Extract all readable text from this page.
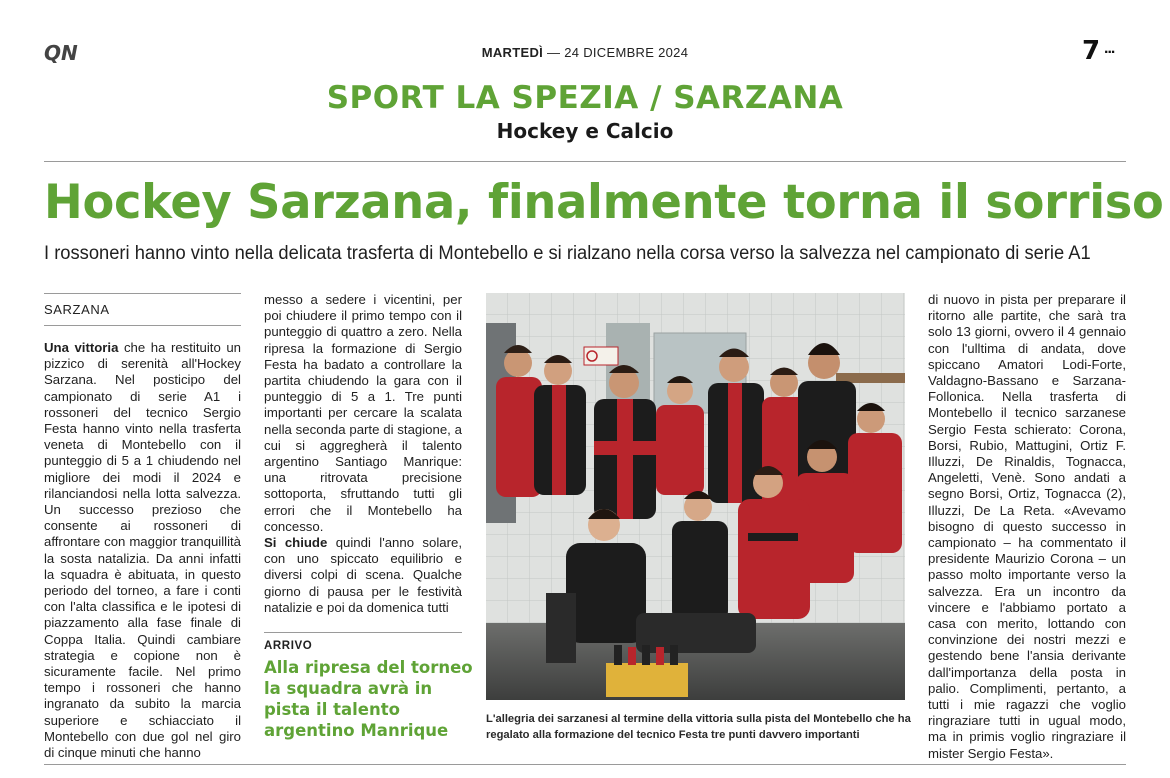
QN	MARTEDÌ — 24 DICEMBRE 2024	7 ...
SPORT LA SPEZIA / SARZANA
Hockey e Calcio
Hockey Sarzana, finalmente torna il sorriso
I rossoneri hanno vinto nella delicata trasferta di Montebello e si rialzano nella corsa verso la salvezza nel campionato di serie A1
SARZANA

Una vittoria che ha restituito un pizzico di serenità all'Hockey Sarzana. Nel posticipo del campionato di serie A1 i rossoneri del tecnico Sergio Festa hanno vinto nella trasferta veneta di Montebello con il punteggio di 5 a 1 chiudendo nel migliore dei modi il 2024 e rilanciandosi nella lotta salvezza. Un successo prezioso che consente ai rossoneri di affrontare con maggior tranquillità la sosta natalizia. Da anni infatti la squadra è abituata, in questo periodo del torneo, a fare i conti con l'alta classifica e le ipotesi di piazzamento alla fase finale di Coppa Italia. Quindi cambiare strategia e copione non è sicuramente facile. Nel primo tempo i rossoneri che hanno ingranato da subito la marcia superiore e schiacciato il Montebello con due gol nel giro di cinque minuti che hanno

messo a sedere i vicentini, per poi chiudere il primo tempo con il punteggio di quattro a zero. Nella ripresa la formazione di Sergio Festa ha badato a controllare la partita chiudendo la gara con il punteggio di 5 a 1. Tre punti importanti per cercare la scalata nella seconda parte di stagione, a cui si aggregherà il talento argentino Santiago Manrique: una ritrovata precisione sottoporta, sfruttando tutti gli errori che il Montebello ha concesso.

Si chiude quindi l'anno solare, con uno spiccato equilibrio e diversi colpi di scena. Qualche giorno di pausa per le festività natalizie e poi da domenica tutti

ARRIVO
Alla ripresa del torneo la squadra avrà in pista il talento argentino Manrique
L'allegria dei sarzanesi al termine della vittoria sulla pista del Montebello che ha regalato alla formazione del tecnico Festa tre punti davvero importanti

di nuovo in pista per preparare il ritorno alle partite, che sarà tra solo 13 giorni, ovvero il 4 gennaio con l'ulltima di andata, dove spiccano Amatori Lodi-Forte, Valdagno-Bassano e Sarzana-Follonica. Nella trasferta di Montebello il tecnico sarzanese Sergio Festa schierato: Corona, Borsi, Rubio, Mattugini, Ortiz F. Illuzzi, De Rinaldis, Tognacca, Angeletti, Venè. Sono andati a segno Borsi, Ortiz, Tognacca (2), Illuzzi, De La Reta. «Avevamo bisogno di questo successo in campionato – ha commentato il presidente Maurizio Corona – un passo molto importante verso la salvezza. Era un incontro da vincere e l'abbiamo portato a casa con merito, lottando con convinzione dei nostri mezzi e gestendo bene l'ansia derivante dall'importanza della posta in palio. Complimenti, pertanto, a tutti i mie ragazzi che voglio ringraziare tutti in ugual modo, ma in primis voglio ringraziare il mister Sergio Festa».
